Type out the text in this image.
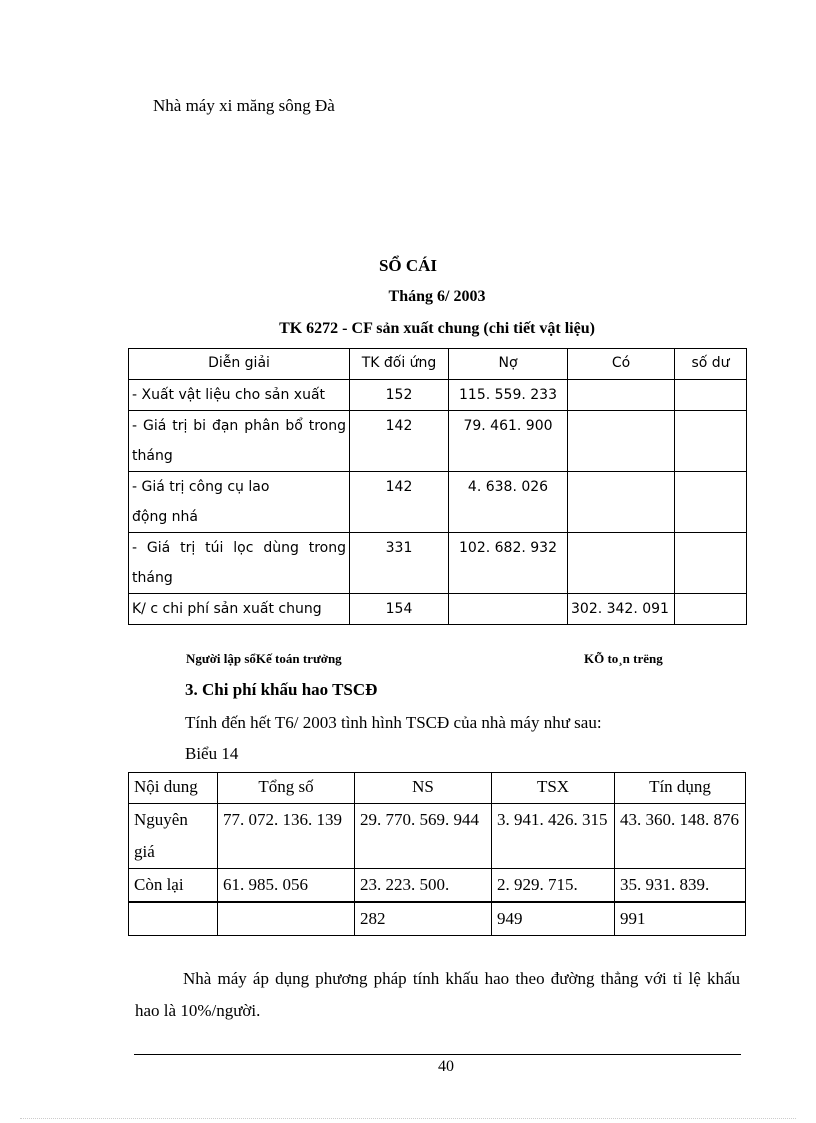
Nhà máy xi măng sông Đà
SỔ CÁI
Tháng 6/ 2003
TK 6272 - CF sản xuất chung (chi tiết vật liệu)
Diễn giải	TK đối ứng	Nợ	Có	số dư
- Xuất vật liệu cho sản xuất	152	115. 559. 233		
- Giá trị bi đạn phân bổ trong tháng	142	79. 461. 900		

- Giá trị công cụ lao
động nhá	142	4. 638. 026		
- Giá trị túi lọc dùng trong tháng	331	102. 682. 932		
K/ c chi phí sản xuất chung	154		302. 342. 091	
Người lập sổKế toán trưởng	KÕ to¸n trëng
3. Chi phí khấu hao TSCĐ
Tính đến hết T6/ 2003 tình hình TSCĐ của nhà máy như sau:
Biểu 14
Nội dung	Tổng số	NS	TSX	Tín dụng
Nguyên giá	77. 072. 136. 139	29. 770. 569. 944	3. 941. 426. 315	43. 360. 148. 876
Còn lại	61. 985. 056	23. 223. 500.	2. 929. 715.	35. 931. 839.
		282	949	991
Nhà máy áp dụng phương pháp tính khấu hao theo đường thẳng với tỉ lệ khấu hao là 10%/người.
40
